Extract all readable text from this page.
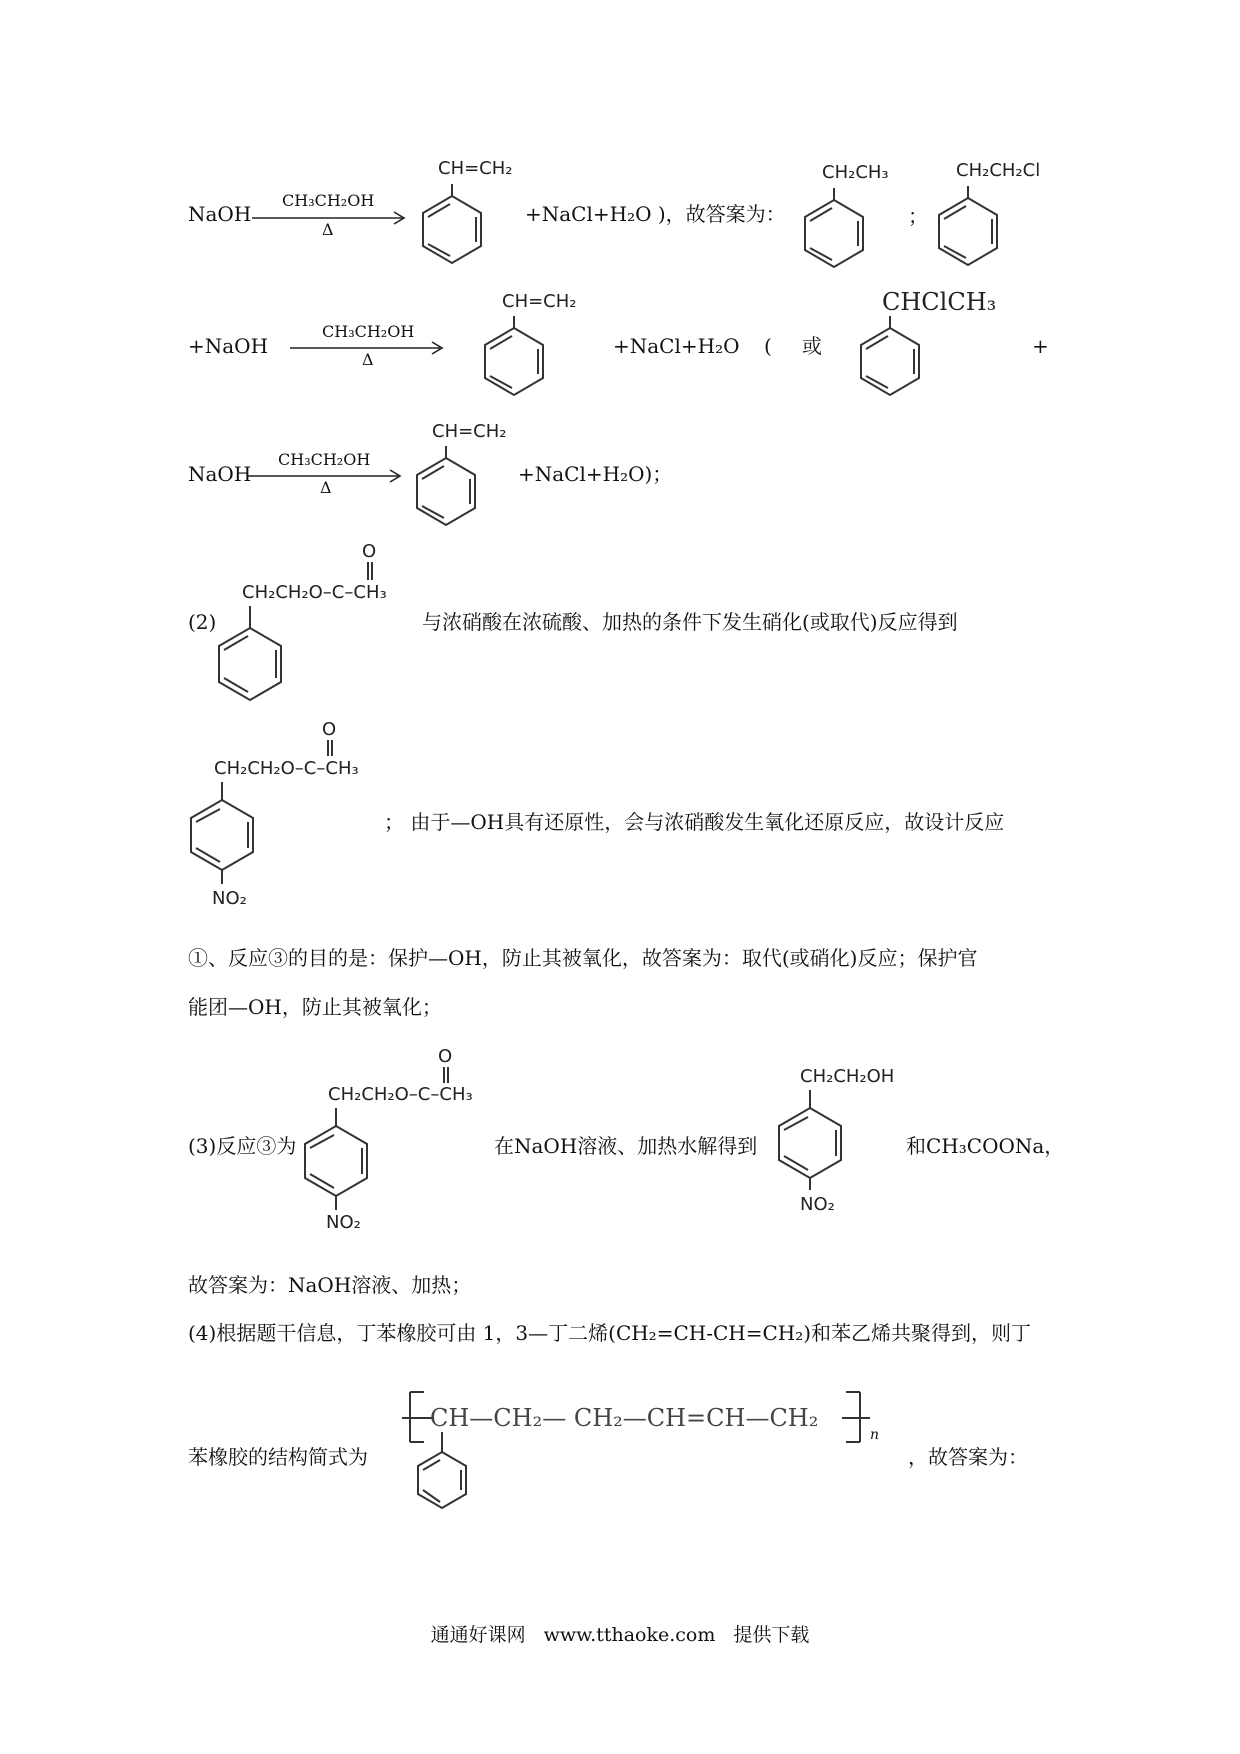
NaOH
CH₃CH₂OH
Δ
CH=CH₂
+NaCl+H₂O )，故答案为：
CH₂CH₃
；
CH₂CH₂Cl
+NaOH
CH₃CH₂OH
Δ
CH=CH₂
+NaCl+H₂O ( 或
CHClCH₃
+
NaOH
CH₃CH₂OH
Δ
CH=CH₂
+NaCl+H₂O)；
(2)
O
CH₂CH₂O–C–CH₃
与浓硝酸在浓硫酸、加热的条件下发生硝化(或取代)反应得到
O
CH₂CH₂O–C–CH₃
NO₂
； 由于—OH具有还原性，会与浓硝酸发生氧化还原反应，故设计反应
①、反应③的目的是：保护—OH，防止其被氧化，故答案为：取代(或硝化)反应；保护官
能团—OH，防止其被氧化；
(3)反应③为
O
CH₂CH₂O–C–CH₃
NO₂
在NaOH溶液、加热水解得到
CH₂CH₂OH
NO₂
和CH₃COONa，
故答案为：NaOH溶液、加热；
(4)根据题干信息，丁苯橡胶可由 1，3—丁二烯(CH₂=CH-CH=CH₂)和苯乙烯共聚得到，则丁
苯橡胶的结构简式为
CH—CH₂— CH₂—CH=CH—CH₂
n
，故答案为：
通通好课网 www.tthaoke.com 提供下载
